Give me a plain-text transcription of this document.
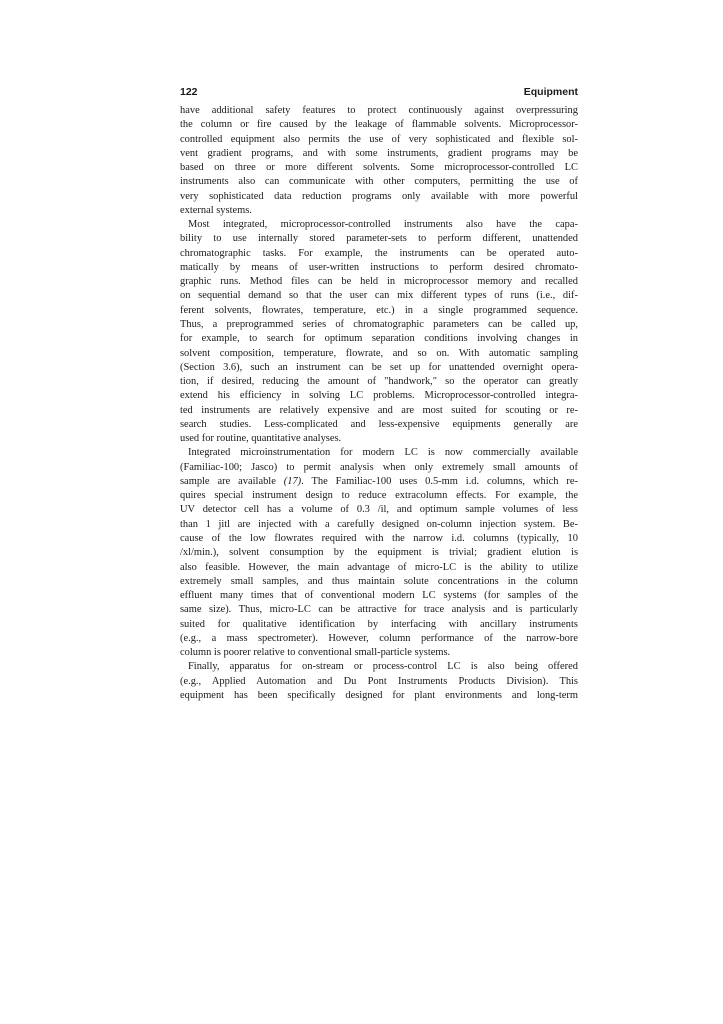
122	Equipment

have additional safety features to protect continuously against overpressuring
the column or fire caused by the leakage of flammable solvents. Microprocessor-
controlled equipment also permits the use of very sophisticated and flexible sol-
vent gradient programs, and with some instruments, gradient programs may be
based on three or more different solvents. Some microprocessor-controlled LC
instruments also can communicate with other computers, permitting the use of
very sophisticated data reduction programs only available with more powerful
external systems.

Most integrated, microprocessor-controlled instruments also have the capa-
bility to use internally stored parameter-sets to perform different, unattended
chromatographic tasks. For example, the instruments can be operated auto-
matically by means of user-written instructions to perform desired chromato-
graphic runs. Method files can be held in microprocessor memory and recalled
on sequential demand so that the user can mix different types of runs (i.e., dif-
ferent solvents, flowrates, temperature, etc.) in a single programmed sequence.
Thus, a preprogrammed series of chromatographic parameters can be called up,
for example, to search for optimum separation conditions involving changes in
solvent composition, temperature, flowrate, and so on. With automatic sampling
(Section 3.6), such an instrument can be set up for unattended overnight opera-
tion, if desired, reducing the amount of "handwork," so the operator can greatly
extend his efficiency in solving LC problems. Microprocessor-controlled integra-
ted instruments are relatively expensive and are most suited for scouting or re-
search studies. Less-complicated and less-expensive equipments generally are
used for routine, quantitative analyses.

Integrated microinstrumentation for modern LC is now commercially available
(Familiac-100; Jasco) to permit analysis when only extremely small amounts of
sample are available (17). The Familiac-100 uses 0.5-mm i.d. columns, which re-
quires special instrument design to reduce extracolumn effects. For example, the
UV detector cell has a volume of 0.3 /il, and optimum sample volumes of less
than 1 jitl are injected with a carefully designed on-column injection system. Be-
cause of the low flowrates required with the narrow i.d. columns (typically, 10
/xl/min.), solvent consumption by the equipment is trivial; gradient elution is
also feasible. However, the main advantage of micro-LC is the ability to utilize
extremely small samples, and thus maintain solute concentrations in the column
effluent many times that of conventional modern LC systems (for samples of the
same size). Thus, micro-LC can be attractive for trace analysis and is particularly
suited for qualitative identification by interfacing with ancillary instruments
(e.g., a mass spectrometer). However, column performance of the narrow-bore
column is poorer relative to conventional small-particle systems.

Finally, apparatus for on-stream or process-control LC is also being offered
(e.g., Applied Automation and Du Pont Instruments Products Division). This
equipment has been specifically designed for plant environments and long-term
